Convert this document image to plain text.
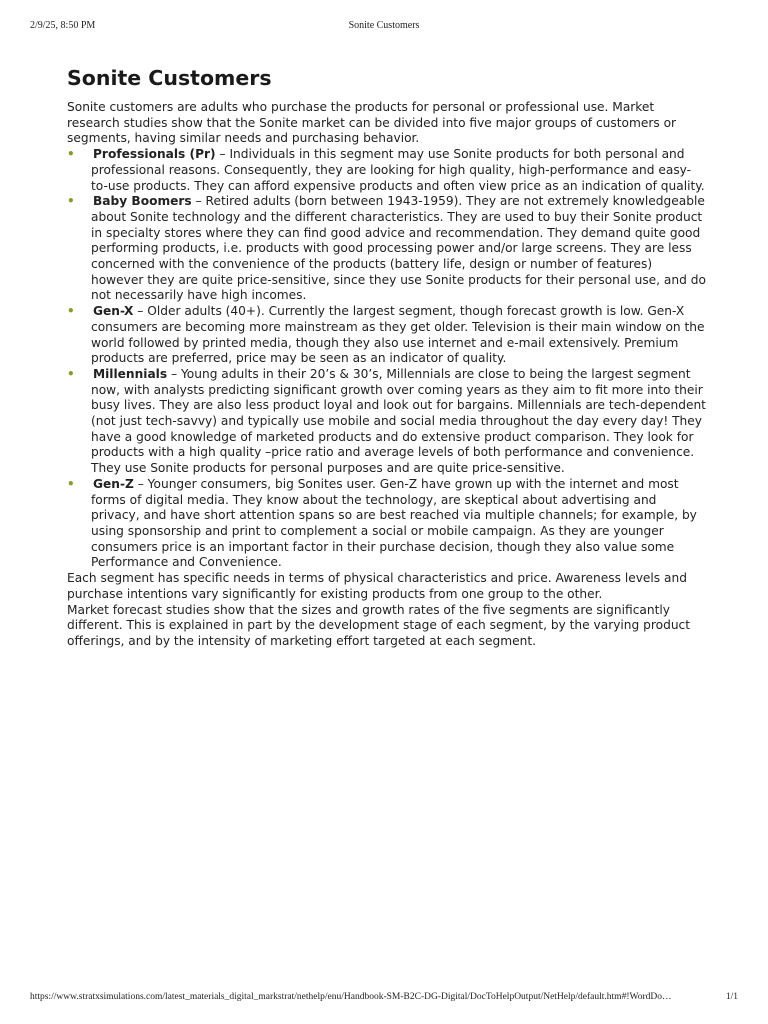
2/9/25, 8:50 PM	Sonite Customers
Sonite Customers

Sonite customers are adults who purchase the products for personal or professional use. Market research studies show that the Sonite market can be divided into five major groups of customers or segments, having similar needs and purchasing behavior.

• Professionals (Pr) – Individuals in this segment may use Sonite products for both personal and professional reasons. Consequently, they are looking for high quality, high-performance and easy-to-use products. They can afford expensive products and often view price as an indication of quality.
• Baby Boomers – Retired adults (born between 1943-1959). They are not extremely knowledgeable about Sonite technology and the different characteristics. They are used to buy their Sonite product in specialty stores where they can find good advice and recommendation. They demand quite good performing products, i.e. products with good processing power and/or large screens. They are less concerned with the convenience of the products (battery life, design or number of features) however they are quite price-sensitive, since they use Sonite products for their personal use, and do not necessarily have high incomes.
• Gen-X – Older adults (40+). Currently the largest segment, though forecast growth is low. Gen-X consumers are becoming more mainstream as they get older. Television is their main window on the world followed by printed media, though they also use internet and e-mail extensively. Premium products are preferred, price may be seen as an indicator of quality.
• Millennials – Young adults in their 20’s & 30’s, Millennials are close to being the largest segment now, with analysts predicting significant growth over coming years as they aim to fit more into their busy lives. They are also less product loyal and look out for bargains. Millennials are tech-dependent (not just tech-savvy) and typically use mobile and social media throughout the day every day! They have a good knowledge of marketed products and do extensive product comparison. They look for products with a high quality –price ratio and average levels of both performance and convenience. They use Sonite products for personal purposes and are quite price-sensitive.
• Gen-Z – Younger consumers, big Sonites user. Gen-Z have grown up with the internet and most forms of digital media. They know about the technology, are skeptical about advertising and privacy, and have short attention spans so are best reached via multiple channels; for example, by using sponsorship and print to complement a social or mobile campaign. As they are younger consumers price is an important factor in their purchase decision, though they also value some Performance and Convenience.

Each segment has specific needs in terms of physical characteristics and price. Awareness levels and purchase intentions vary significantly for existing products from one group to the other.

Market forecast studies show that the sizes and growth rates of the five segments are significantly different. This is explained in part by the development stage of each segment, by the varying product offerings, and by the intensity of marketing effort targeted at each segment.

https://www.stratxsimulations.com/latest_materials_digital_markstrat/nethelp/enu/Handbook-SM-B2C-DG-Digital/DocToHelpOutput/NetHelp/default.htm#!WordDo…	1/1
